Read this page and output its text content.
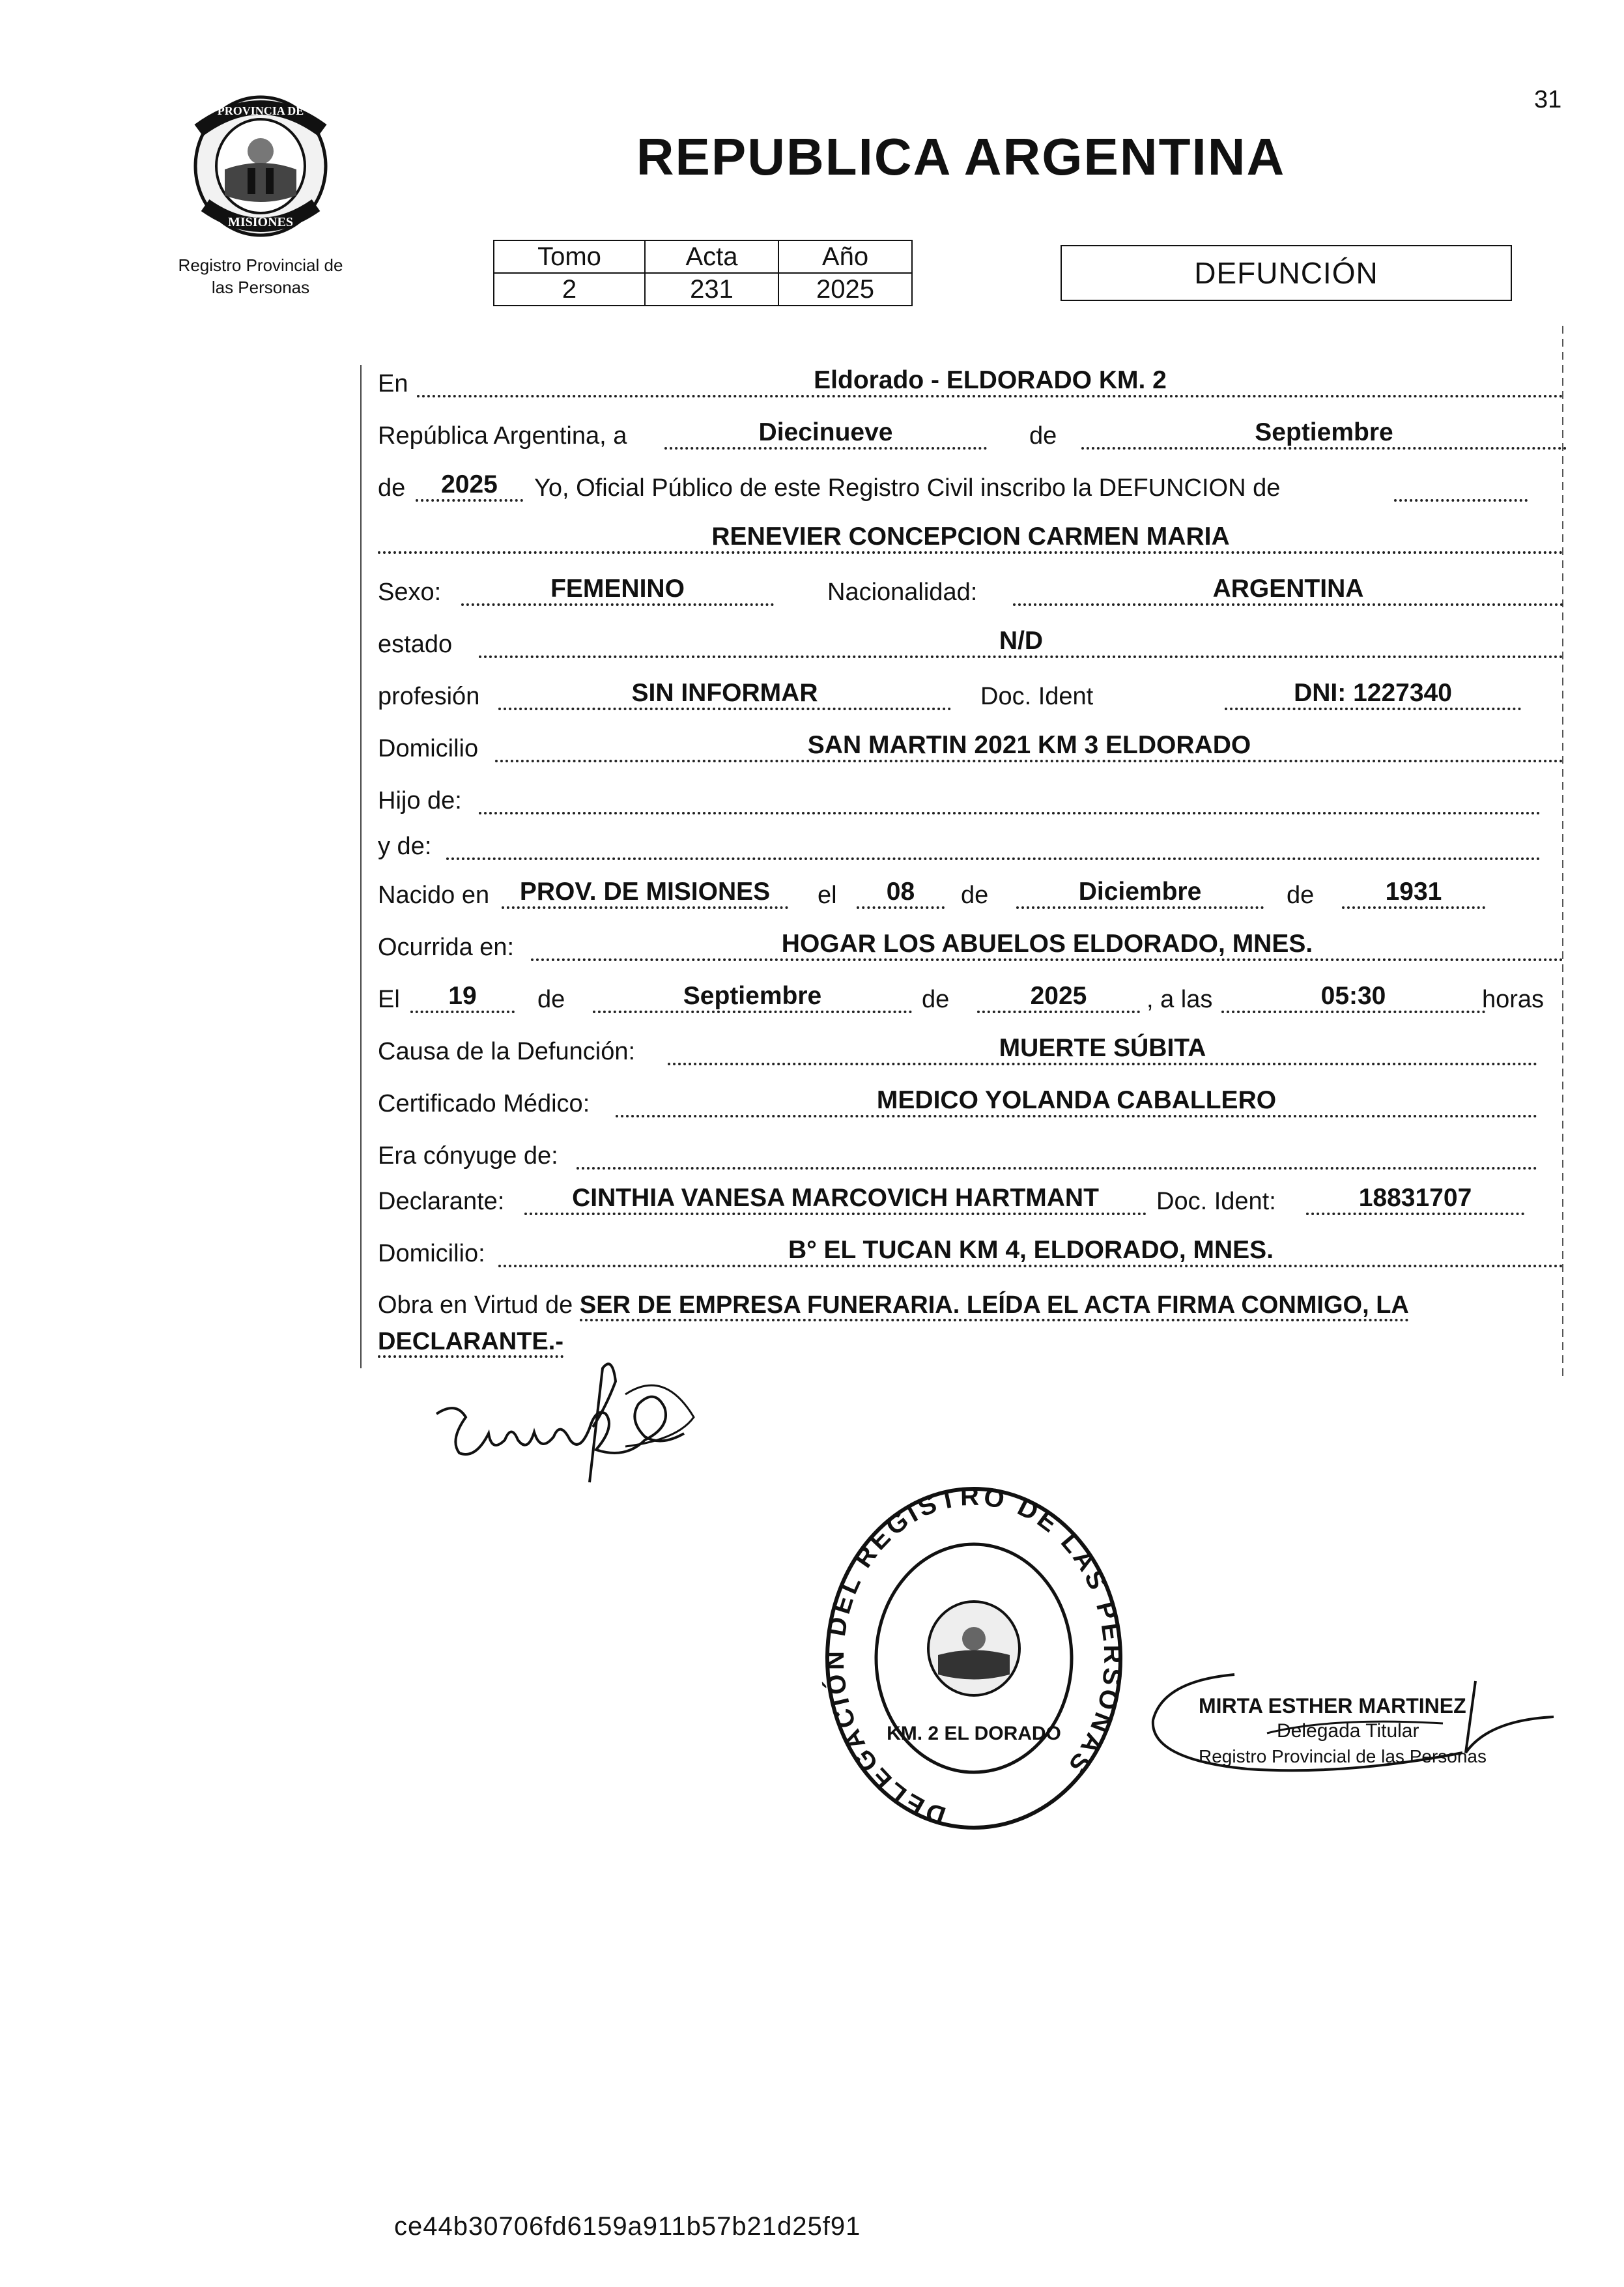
PROVINCIA DE
MISIONES
Registro Provincial de
las Personas
31
REPUBLICA ARGENTINA
Tomo	Acta	Año
2	231	2025	DEFUNCIÓN
En	Eldorado - ELDORADO KM. 2
República Argentina, a	Diecinueve	de	Septiembre
de	2025	Yo, Oficial Público de este Registro Civil inscribo la DEFUNCION de
RENEVIER CONCEPCION CARMEN MARIA
Sexo:	FEMENINO	Nacionalidad:	ARGENTINA
estado	N/D
profesión	SIN INFORMAR	Doc. Ident	DNI: 1227340
Domicilio	SAN MARTIN 2021 KM 3 ELDORADO
Hijo de:
y de:
Nacido en	PROV. DE MISIONES	el	08	de	Diciembre	de	1931
Ocurrida en:	HOGAR LOS ABUELOS ELDORADO, MNES.
El	19	de	Septiembre	de	2025	, a las	05:30	horas
Causa de la Defunción:	MUERTE SÚBITA
Certificado Médico:	MEDICO YOLANDA CABALLERO
Era cónyuge de:
Declarante:	CINTHIA VANESA MARCOVICH HARTMANT	Doc. Ident:	18831707
Domicilio:	B° EL TUCAN KM 4, ELDORADO, MNES.
Obra en Virtud de SER DE EMPRESA FUNERARIA. LEÍDA EL ACTA FIRMA CONMIGO, LA DECLARANTE.-
DELEGACIÓN DEL REGISTRO DE LAS PERSONAS
KM. 2 EL DORADO
MIRTA ESTHER MARTINEZ
Delegada Titular
Registro Provincial de las Personas
ce44b30706fd6159a911b57b21d25f91
